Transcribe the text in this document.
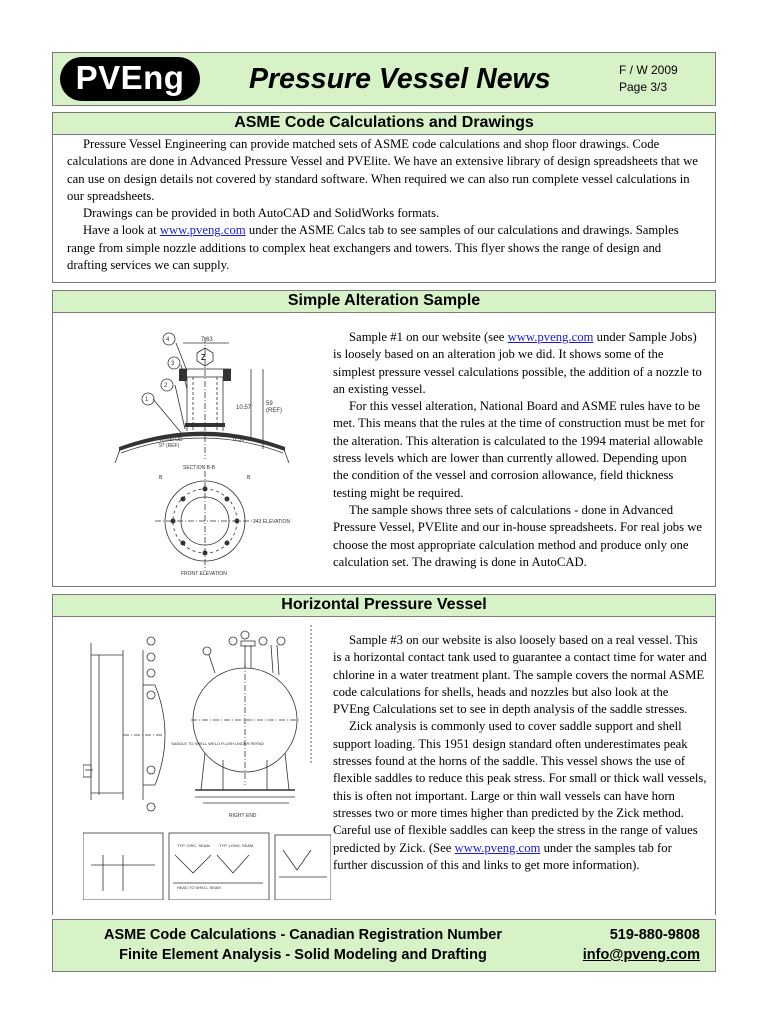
PVEng	Pressure Vessel News	F / W 2009
Page 3/3
ASME Code Calculations and Drawings

Pressure Vessel Engineering can provide matched sets of ASME code calculations and shop floor drawings. Code calculations are done in Advanced Pressure Vessel and PVElite. We have an extensive library of design spreadsheets that we can use on design details not covered by standard software. When required we can also run complete vessel calculations in our spreadsheets.

Drawings can be provided in both AutoCAD and SolidWorks formats.

Have a look at www.pveng.com under the ASME Calcs tab to see samples of our calculations and drawings. Samples range from simple nozzle additions to complex heat exchangers and towers. This flyer shows the range of design and drafting services we can supply.

Simple Alteration Sample
4
3
2
1
7.63
Z
10.57
59
(REF)
Vessel OD
97 (REF)
0.50
SECTION B-B
243 ELEVATION
FRONT ELEVATION
B	B

Sample #1 on our website (see www.pveng.com under Sample Jobs) is loosely based on an alteration job we did. It shows some of the simplest pressure vessel calculations possible, the addition of a nozzle to an existing vessel.

For this vessel alteration, National Board and ASME rules have to be met. This means that the rules at the time of construction must be met for the alteration. This alteration is calculated to the 1994 material allowable stress levels which are lower than currently allowed. Depending upon the condition of the vessel and corrosion allowance, field thickness testing might be required.

The sample shows three sets of calculations - done in Advanced Pressure Vessel, PVElite and our in-house spreadsheets. For real jobs we choose the most appropriate calculation method and produce only one calculation set. The drawing is done in AutoCAD.

Horizontal Pressure Vessel
RIGHT END
HEAD TO SHELL SEAM
TYP. LONG. SEAM
TYP. CIRC. SEAM
SADDLE TO SHELL WELD FLUSH UNDER REPAD

Sample #3 on our website is also loosely based on a real vessel. This is a horizontal contact tank used to guarantee a contact time for water and chlorine in a water treatment plant. The sample covers the normal ASME code calculations for shells, heads and nozzles but also look at the PVEng Calculations set to see in depth analysis of the saddle stresses.

Zick analysis is commonly used to cover saddle support and shell support loading. This 1951 design standard often underestimates peak stresses found at the horns of the saddle. This vessel shows the use of flexible saddles to reduce this peak stress. For small or thick wall vessels, this is often not important. Large or thin wall vessels can have horn stresses two or more times higher than predicted by the Zick method. Careful use of flexible saddles can keep the stress in the range of values predicted by Zick. (See www.pveng.com under the samples tab for further discussion of this and links to get more information).

ASME Code Calculations - Canadian Registration Number
Finite Element Analysis - Solid Modeling and Drafting
519-880-9808
info@pveng.com
